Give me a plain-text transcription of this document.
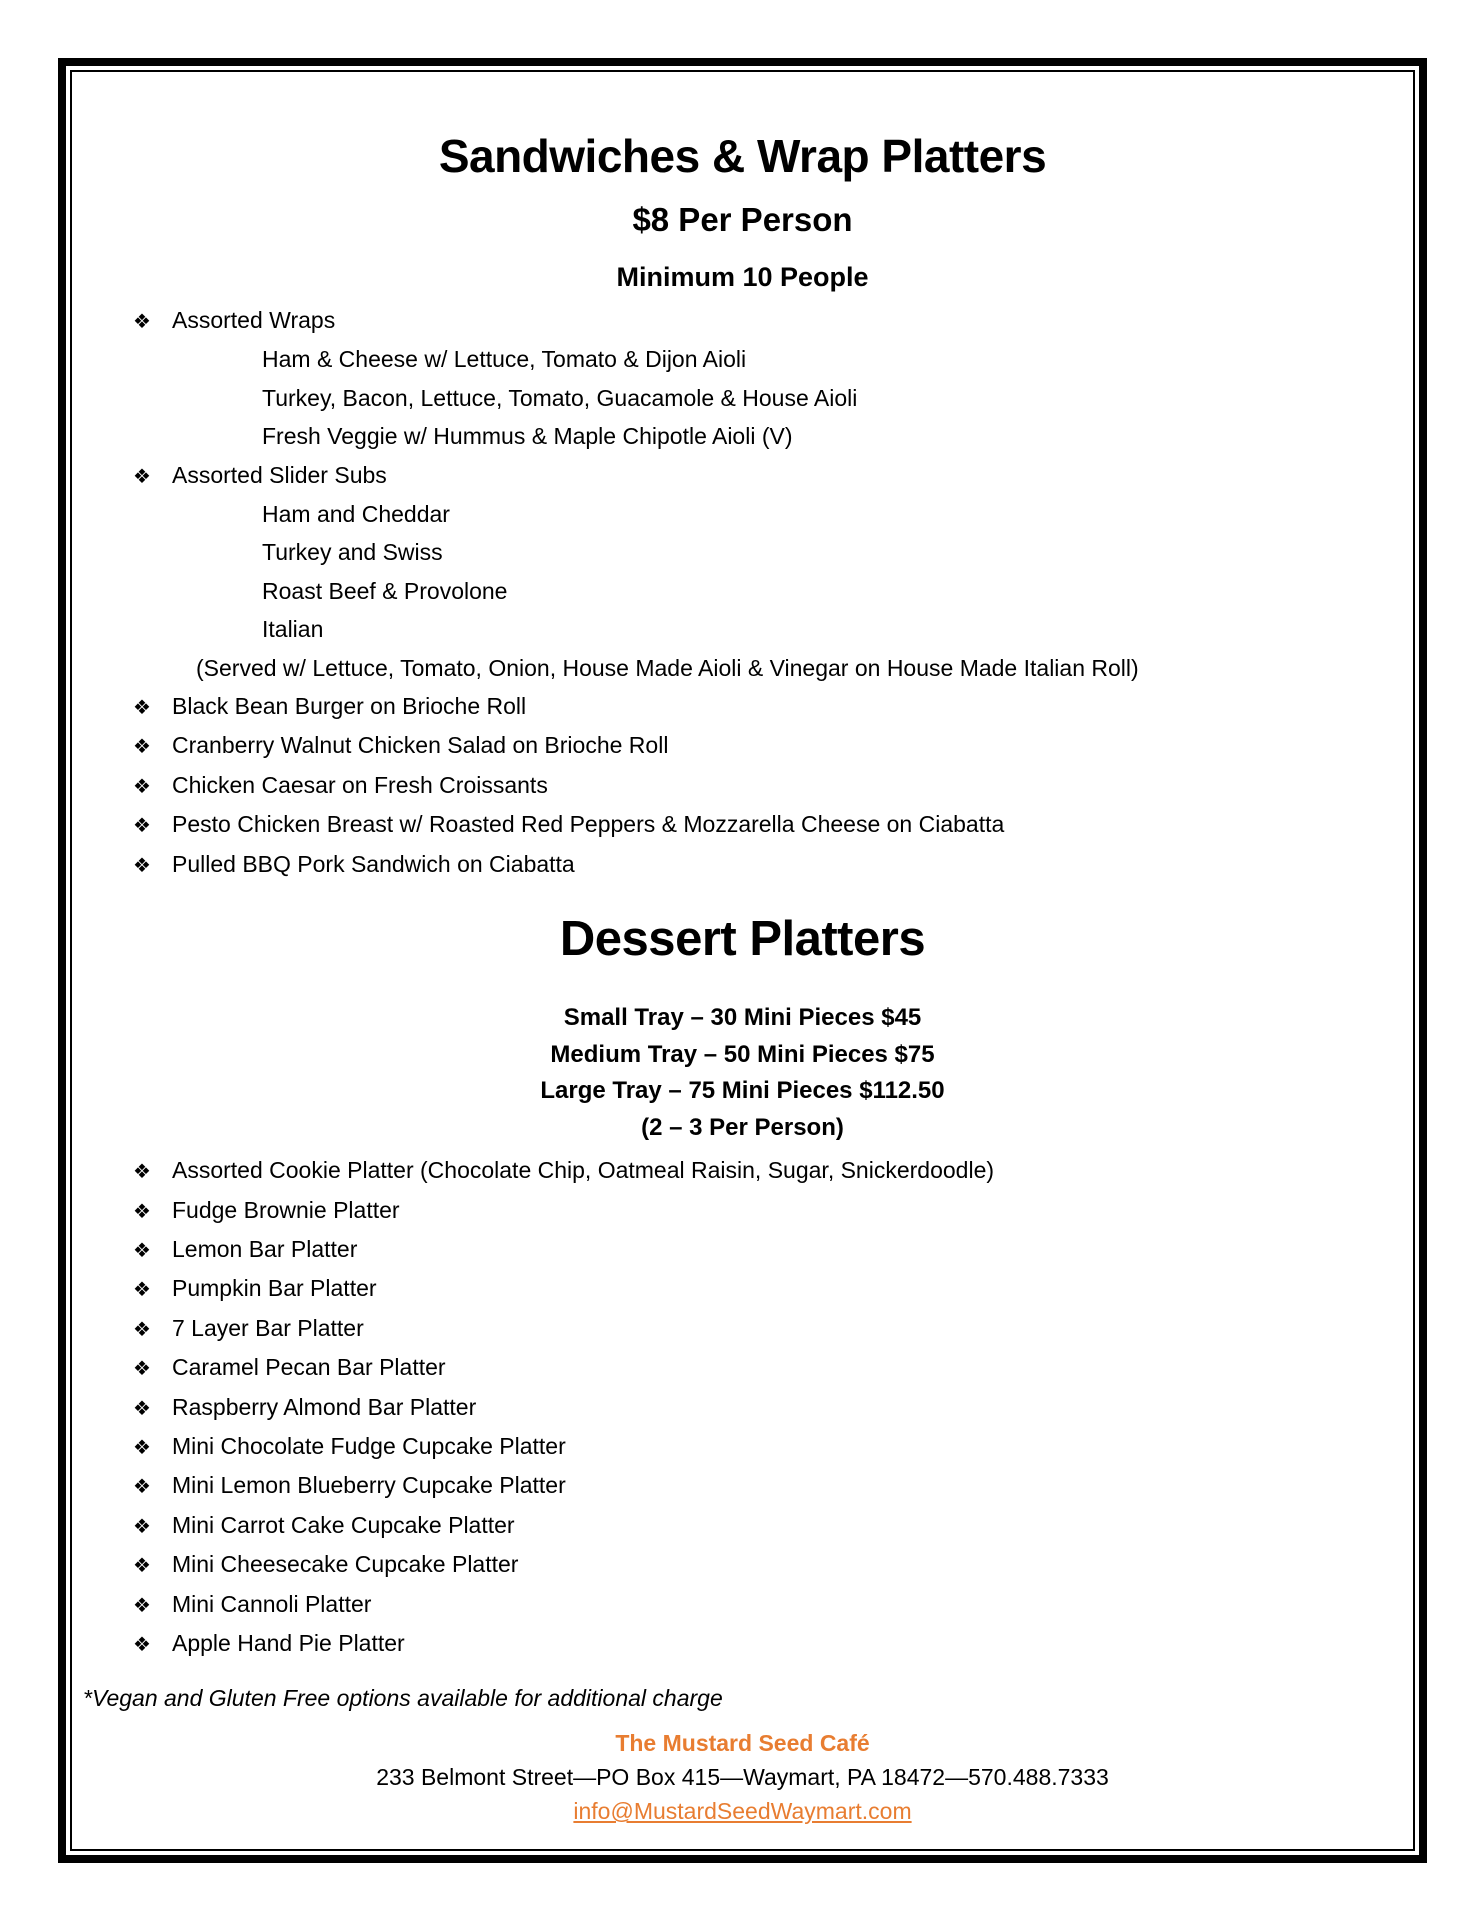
Sandwiches & Wrap Platters
$8 Per Person
Minimum 10 People
❖ Assorted Wraps
Ham & Cheese w/ Lettuce, Tomato & Dijon Aioli
Turkey, Bacon, Lettuce, Tomato, Guacamole & House Aioli
Fresh Veggie w/ Hummus & Maple Chipotle Aioli (V)
❖ Assorted Slider Subs
Ham and Cheddar
Turkey and Swiss
Roast Beef & Provolone
Italian
(Served w/ Lettuce, Tomato, Onion, House Made Aioli & Vinegar on House Made Italian Roll)
❖ Black Bean Burger on Brioche Roll
❖ Cranberry Walnut Chicken Salad on Brioche Roll
❖ Chicken Caesar on Fresh Croissants
❖ Pesto Chicken Breast w/ Roasted Red Peppers & Mozzarella Cheese on Ciabatta
❖ Pulled BBQ Pork Sandwich on Ciabatta
Dessert Platters
Small Tray – 30 Mini Pieces $45
Medium Tray – 50 Mini Pieces $75
Large Tray – 75 Mini Pieces $112.50
(2 – 3 Per Person)
❖ Assorted Cookie Platter (Chocolate Chip, Oatmeal Raisin, Sugar, Snickerdoodle)
❖ Fudge Brownie Platter
❖ Lemon Bar Platter
❖ Pumpkin Bar Platter
❖ 7 Layer Bar Platter
❖ Caramel Pecan Bar Platter
❖ Raspberry Almond Bar Platter
❖ Mini Chocolate Fudge Cupcake Platter
❖ Mini Lemon Blueberry Cupcake Platter
❖ Mini Carrot Cake Cupcake Platter
❖ Mini Cheesecake Cupcake Platter
❖ Mini Cannoli Platter
❖ Apple Hand Pie Platter
*Vegan and Gluten Free options available for additional charge
The Mustard Seed Café
233 Belmont Street—PO Box 415—Waymart, PA 18472—570.488.7333
info@MustardSeedWaymart.com
